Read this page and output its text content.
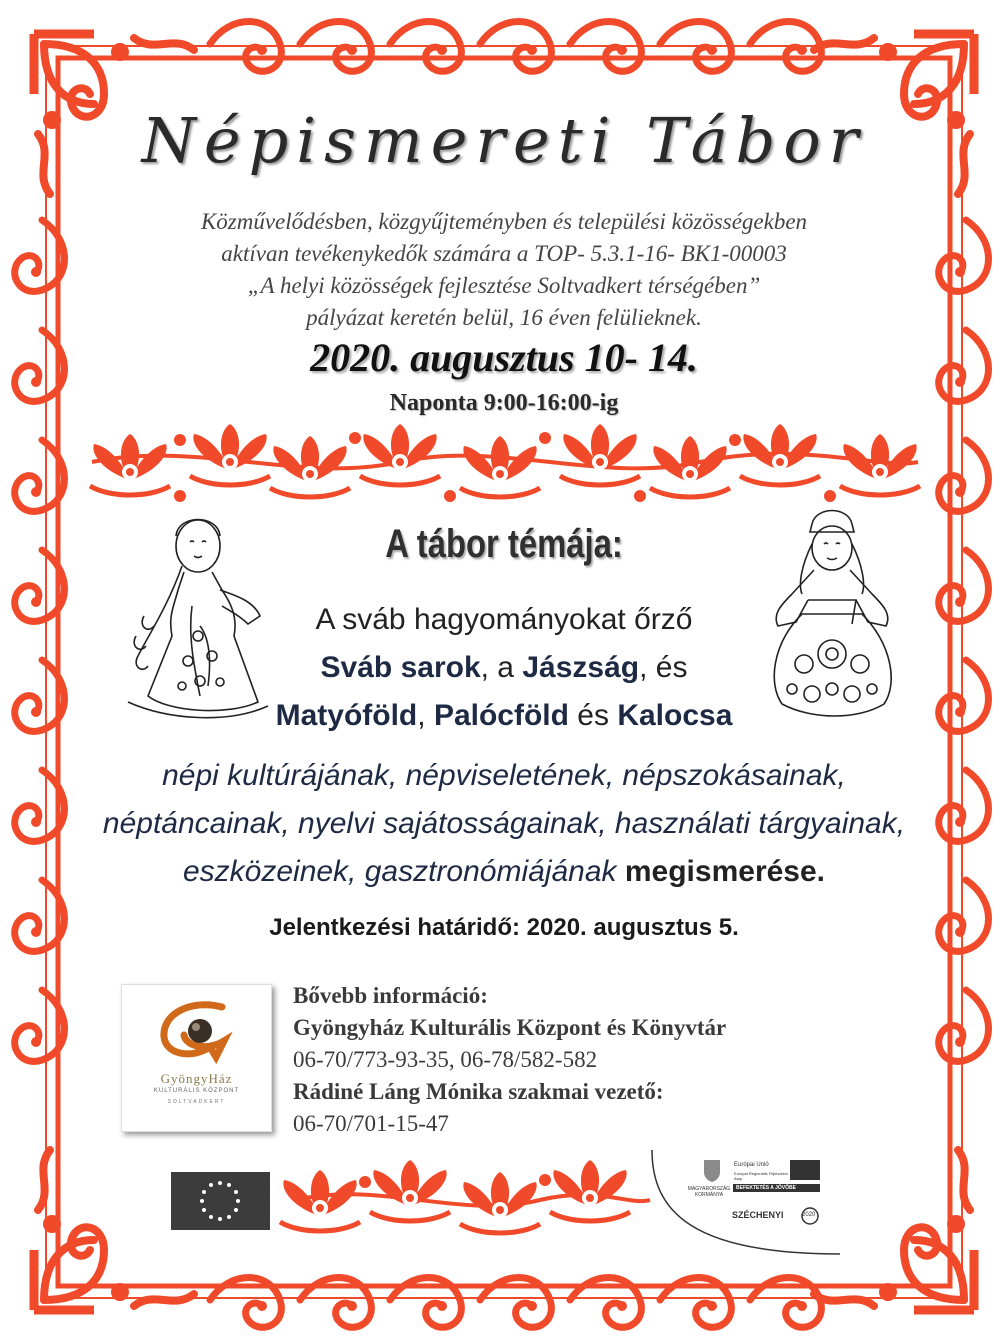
Népismereti Tábor
Közművelődésben, közgyűjteményben és települési közösségekben
aktívan tevékenykedők számára a TOP- 5.3.1-16- BK1-00003
„A helyi közösségek fejlesztése Soltvadkert térségében”
pályázat keretén belül, 16 éven felülieknek.
2020. augusztus 10- 14.
Naponta 9:00-16:00-ig
A tábor témája:
A sváb hagyományokat őrző
Sváb sarok, a Jászság, és
Matyóföld, Palócföld és Kalocsa
népi kultúrájának, népviseletének, népszokásainak,
néptáncainak, nyelvi sajátosságainak, használati tárgyainak,
eszközeinek, gasztronómiájának megismerése.
Jelentkezési határidő: 2020. augusztus 5.
GyöngyHáz
KULTURÁLIS KÖZPONT
SOLTVADKERT
Bővebb információ:
Gyöngyház Kulturális Központ és Könyvtár
06-70/773-93-35, 06-78/582-582
Rádiné Láng Mónika szakmai vezető:
06-70/701-15-47
MAGYARORSZÁG KORMÁNYA
Európai Unió
Európai Regionális Fejlesztési Alap
BEFEKTETÉS A JÖVŐBE
SZÉCHENYI	2020
